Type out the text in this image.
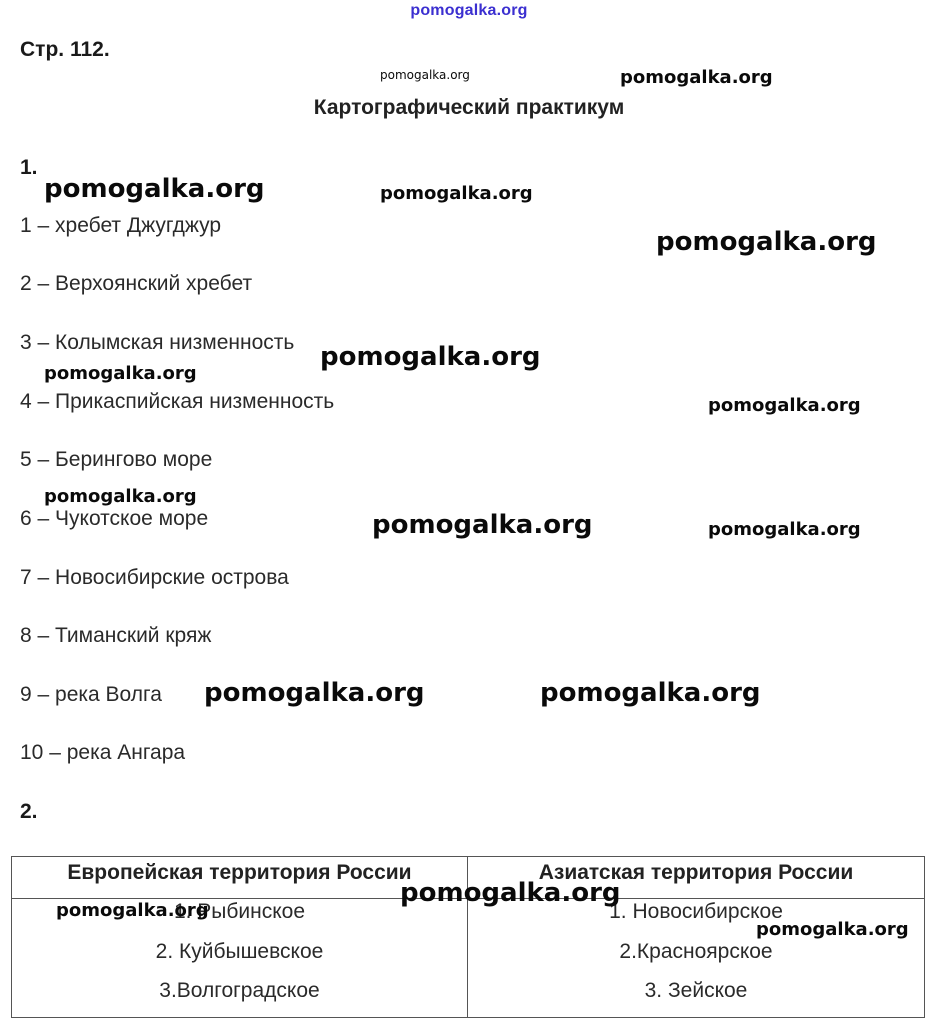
pomogalka.org
Стр. 112.
Картографический практикум
1.
1 – хребет Джугджур
2 – Верхоянский хребет
3 – Колымская низменность
4 – Прикаспийская низменность
5 – Берингово море
6 – Чукотское море
7 – Новосибирские острова
8 – Тиманский кряж
9 – река Волга
10 – река Ангара
2.
Европейская территория России	Азиатская территория России
1. Рыбинское	1. Новосибирское
2. Куйбышевское	2.Красноярское
3.Волгоградское	3. Зейское
pomogalka.org	pomogalka.org
pomogalka.org	pomogalka.org
pomogalka.org
pomogalka.org
pomogalka.org
pomogalka.org
pomogalka.org
pomogalka.org	pomogalka.org
pomogalka.org	pomogalka.org
pomogalka.org
pomogalka.org
pomogalka.org
